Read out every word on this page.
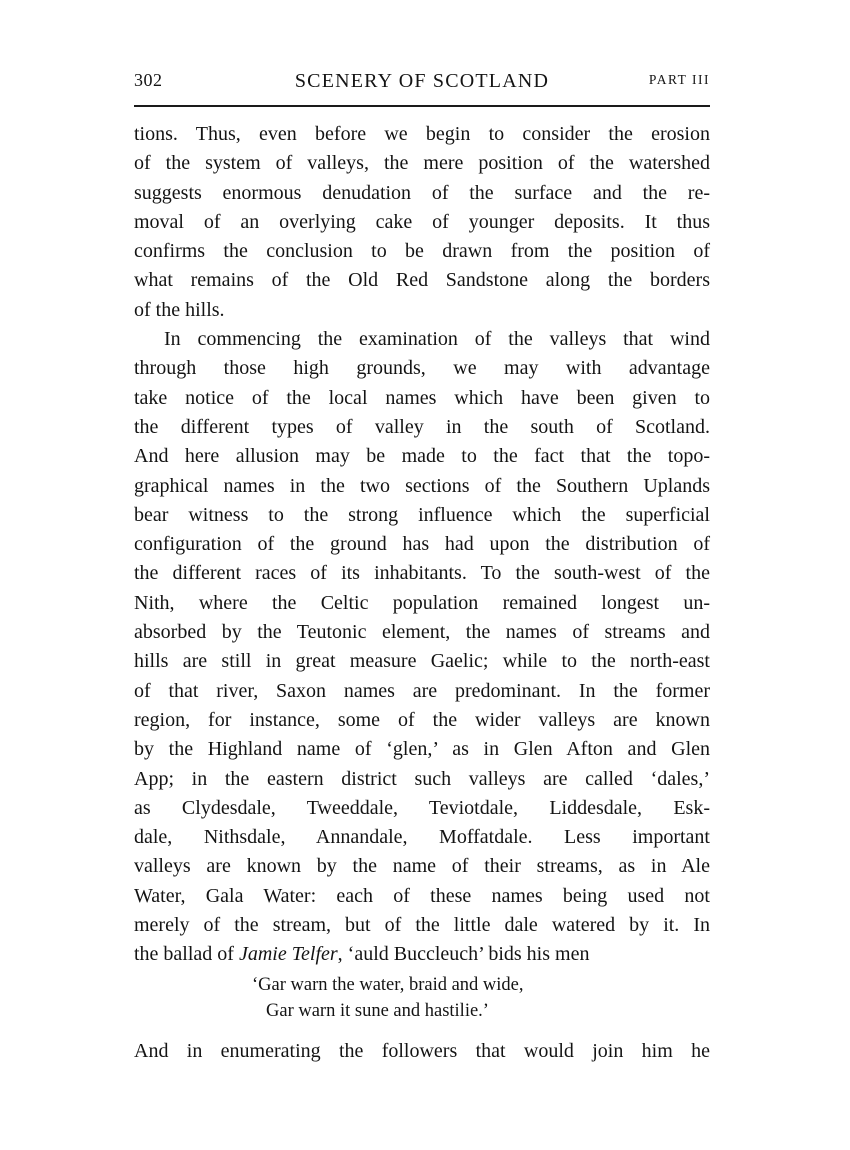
302	SCENERY OF SCOTLAND	PART III
tions. Thus, even before we begin to consider the erosion
of the system of valleys, the mere position of the watershed
suggests enormous denudation of the surface and the re-
moval of an overlying cake of younger deposits. It thus
confirms the conclusion to be drawn from the position of
what remains of the Old Red Sandstone along the borders
of the hills.
In commencing the examination of the valleys that wind
through those high grounds, we may with advantage
take notice of the local names which have been given to
the different types of valley in the south of Scotland.
And here allusion may be made to the fact that the topo-
graphical names in the two sections of the Southern Uplands
bear witness to the strong influence which the superficial
configuration of the ground has had upon the distribution of
the different races of its inhabitants. To the south-west of the
Nith, where the Celtic population remained longest un-
absorbed by the Teutonic element, the names of streams and
hills are still in great measure Gaelic; while to the north-east
of that river, Saxon names are predominant. In the former
region, for instance, some of the wider valleys are known
by the Highland name of ‘glen,’ as in Glen Afton and Glen
App; in the eastern district such valleys are called ‘dales,’
as Clydesdale, Tweeddale, Teviotdale, Liddesdale, Esk-
dale, Nithsdale, Annandale, Moffatdale. Less important
valleys are known by the name of their streams, as in Ale
Water, Gala Water: each of these names being used not
merely of the stream, but of the little dale watered by it. In
the ballad of Jamie Telfer, ‘auld Buccleuch’ bids his men
‘Gar warn the water, braid and wide,
Gar warn it sune and hastilie.’
And in enumerating the followers that would join him he
